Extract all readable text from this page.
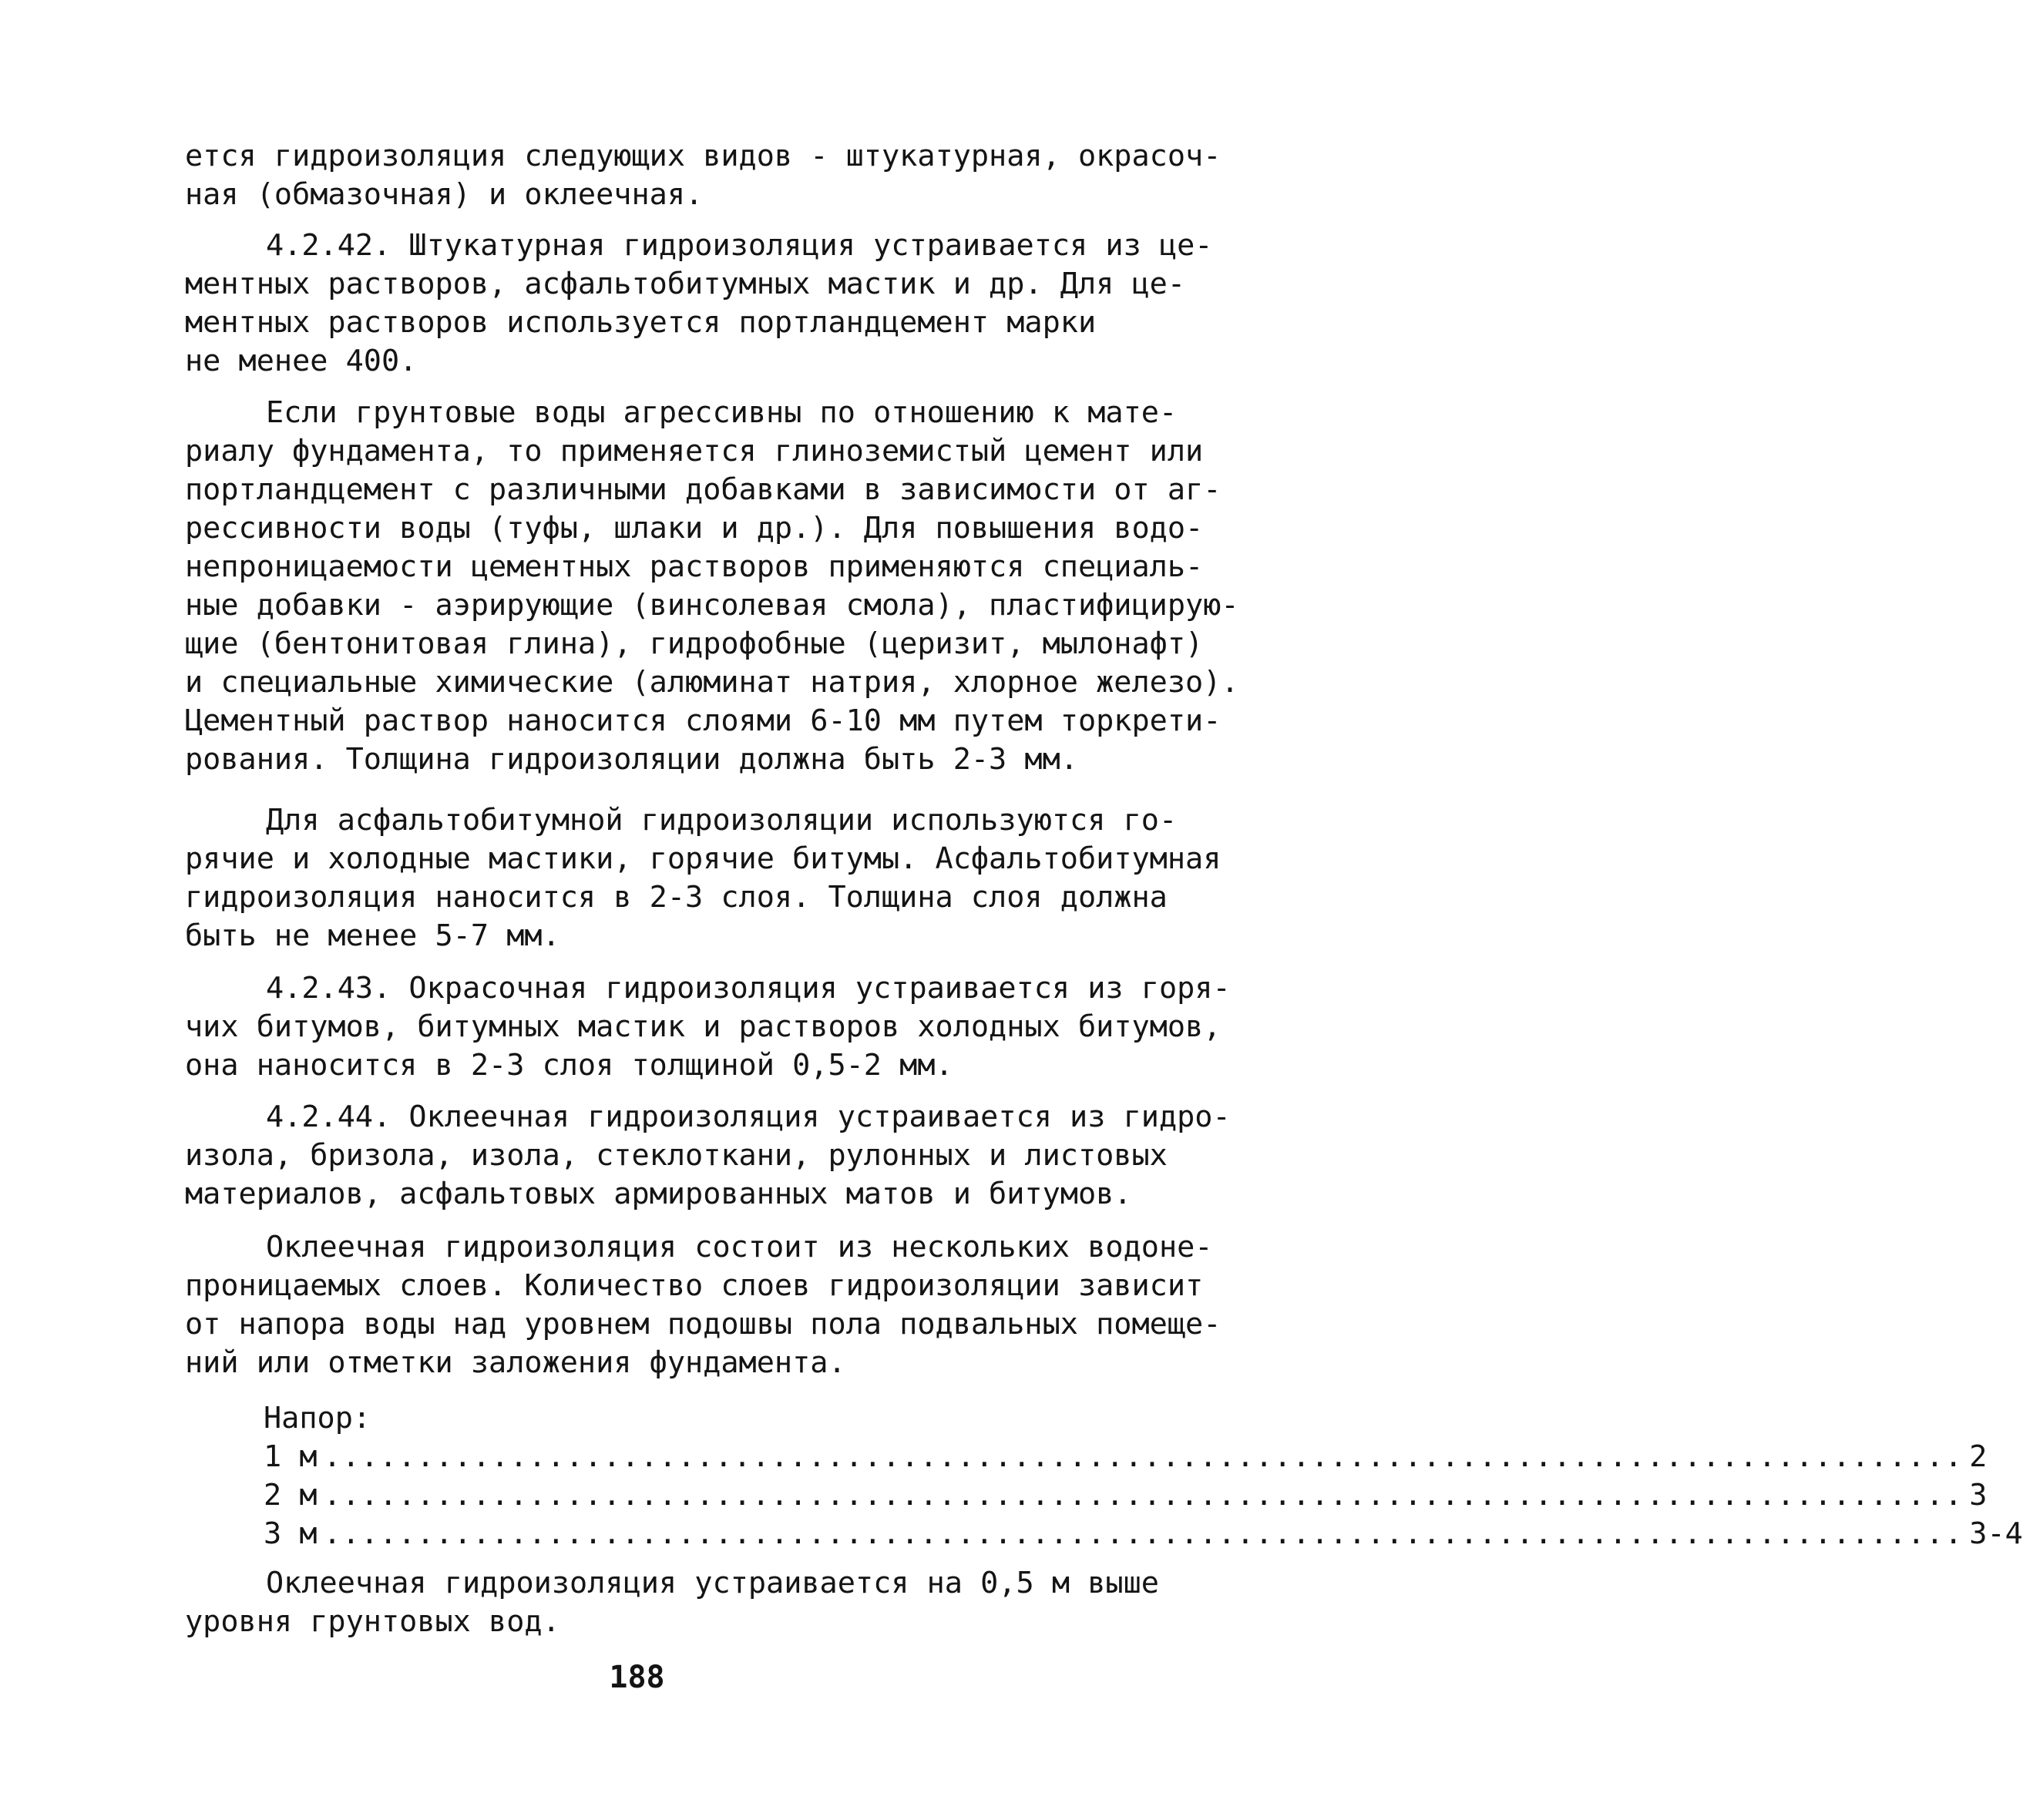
ется гидроизоляция следующих видов - штукатурная, окрасоч-
ная (обмазочная) и оклеечная.

4.2.42. Штукатурная гидроизоляция устраивается из це-
ментных растворов, асфальтобитумных мастик и др. Для це-
ментных растворов используется портландцемент марки
не менее 400.

Если грунтовые воды агрессивны по отношению к мате-
риалу фундамента, то применяется глиноземистый цемент или
портландцемент с различными добавками в зависимости от аг-
рессивности воды (туфы, шлаки и др.). Для повышения водо-
непроницаемости цементных растворов применяются специаль-
ные добавки - аэрирующие (винсолевая смола), пластифицирую-
щие (бентонитовая глина), гидрофобные (церизит, мылонафт)
и специальные химические (алюминат натрия, хлорное железо).
Цементный раствор наносится слоями 6-10 мм путем торкрети-
рования. Толщина гидроизоляции должна быть 2-3 мм.

Для асфальтобитумной гидроизоляции используются го-
рячие и холодные мастики, горячие битумы. Асфальтобитумная
гидроизоляция наносится в 2-3 слоя. Толщина слоя должна
быть не менее 5-7 мм.

4.2.43. Окрасочная гидроизоляция устраивается из горя-
чих битумов, битумных мастик и растворов холодных битумов,
она наносится в 2-3 слоя толщиной 0,5-2 мм.

4.2.44. Оклеечная гидроизоляция устраивается из гидро-
изола, бризола, изола, стеклоткани, рулонных и листовых
материалов, асфальтовых армированных матов и битумов.

Оклеечная гидроизоляция состоит из нескольких водоне-
проницаемых слоев. Количество слоев гидроизоляции зависит
от напора воды над уровнем подошвы пола подвальных помеще-
ний или отметки заложения фундамента.

Напор:
1 м ........................................................................................ 2
2 м ........................................................................................ 3
3 м ........................................................................................ 3-4

Оклеечная гидроизоляция устраивается на 0,5 м выше
уровня грунтовых вод.

188
